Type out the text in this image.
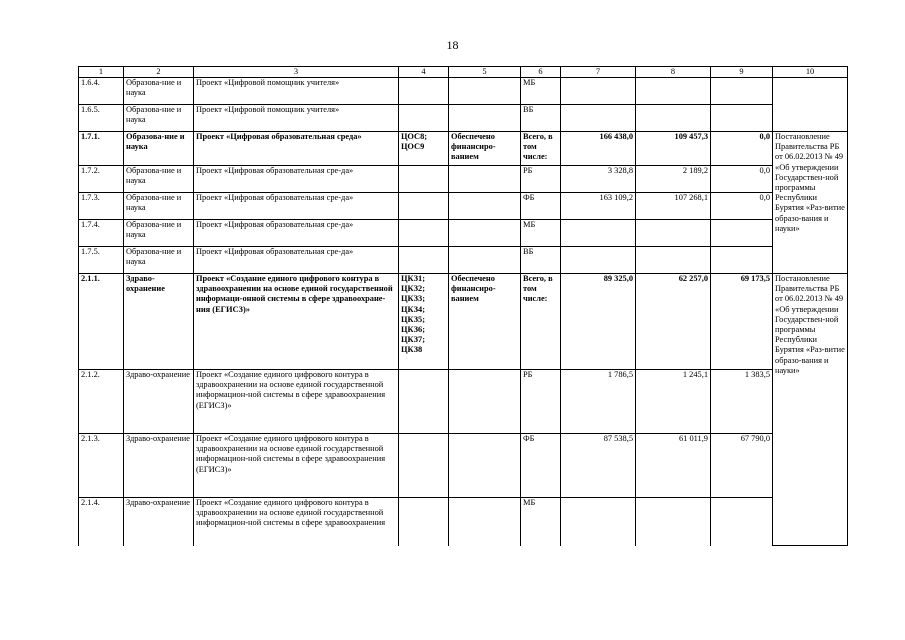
18
1	2	3	4	5	6	7	8	9	10
1.6.4.	Образова-ние и наука	Проект «Цифровой помощник учителя»			МБ				
1.6.5.	Образова-ние и наука	Проект «Цифровой помощник учителя»			ВБ				
1.7.1.	Образова-ние и наука	Проект «Цифровая образовательная среда»	ЦОС8; ЦОС9	Обеспечено финансиро-ванием	Всего, в том числе:	166 438,0	109 457,3	0,0	Постановление Правительства РБ от 06.02.2013 № 49 «Об утверждении Государствен-ной программы Республики Бурятия «Раз-витие образо-вания и науки»
1.7.2.	Образова-ние и наука	Проект «Цифровая образовательная сре-да»			РБ	3 328,8	2 189,2	0,0	
1.7.3.	Образова-ние и наука	Проект «Цифровая образовательная сре-да»			ФБ	163 109,2	107 268,1	0,0	
1.7.4.	Образова-ние и наука	Проект «Цифровая образовательная сре-да»			МБ				
1.7.5.	Образова-ние и наука	Проект «Цифровая образовательная сре-да»			ВБ				
2.1.1.	Здраво-охранение	Проект «Создание единого цифрового контура в здравоохранении на основе единой государственной информаци-онной системы в сфере здравоохране-ния (ЕГИСЗ)»	ЦКЗ1; ЦКЗ2; ЦКЗ3; ЦКЗ4; ЦКЗ5; ЦКЗ6; ЦКЗ7; ЦКЗ8	Обеспечено финансиро-ванием	Всего, в том числе:	89 325,0	62 257,0	69 173,5	Постановление Правительства РБ от 06.02.2013 № 49 «Об утверждении Государствен-ной программы Республики Бурятия «Раз-витие образо-вания и науки»
2.1.2.	Здраво-охранение	Проект «Создание единого цифрового контура в здравоохранении на основе единой государственной информацион-ной системы в сфере здравоохранения (ЕГИСЗ)»			РБ	1 786,5	1 245,1	1 383,5	
2.1.3.	Здраво-охранение	Проект «Создание единого цифрового контура в здравоохранении на основе единой государственной информацион-ной системы в сфере здравоохранения (ЕГИСЗ)»			ФБ	87 538,5	61 011,9	67 790,0	
2.1.4.	Здраво-охранение	Проект «Создание единого цифрового контура в здравоохранении на основе единой государственной информацион-ной системы в сфере здравоохранения			МБ				
